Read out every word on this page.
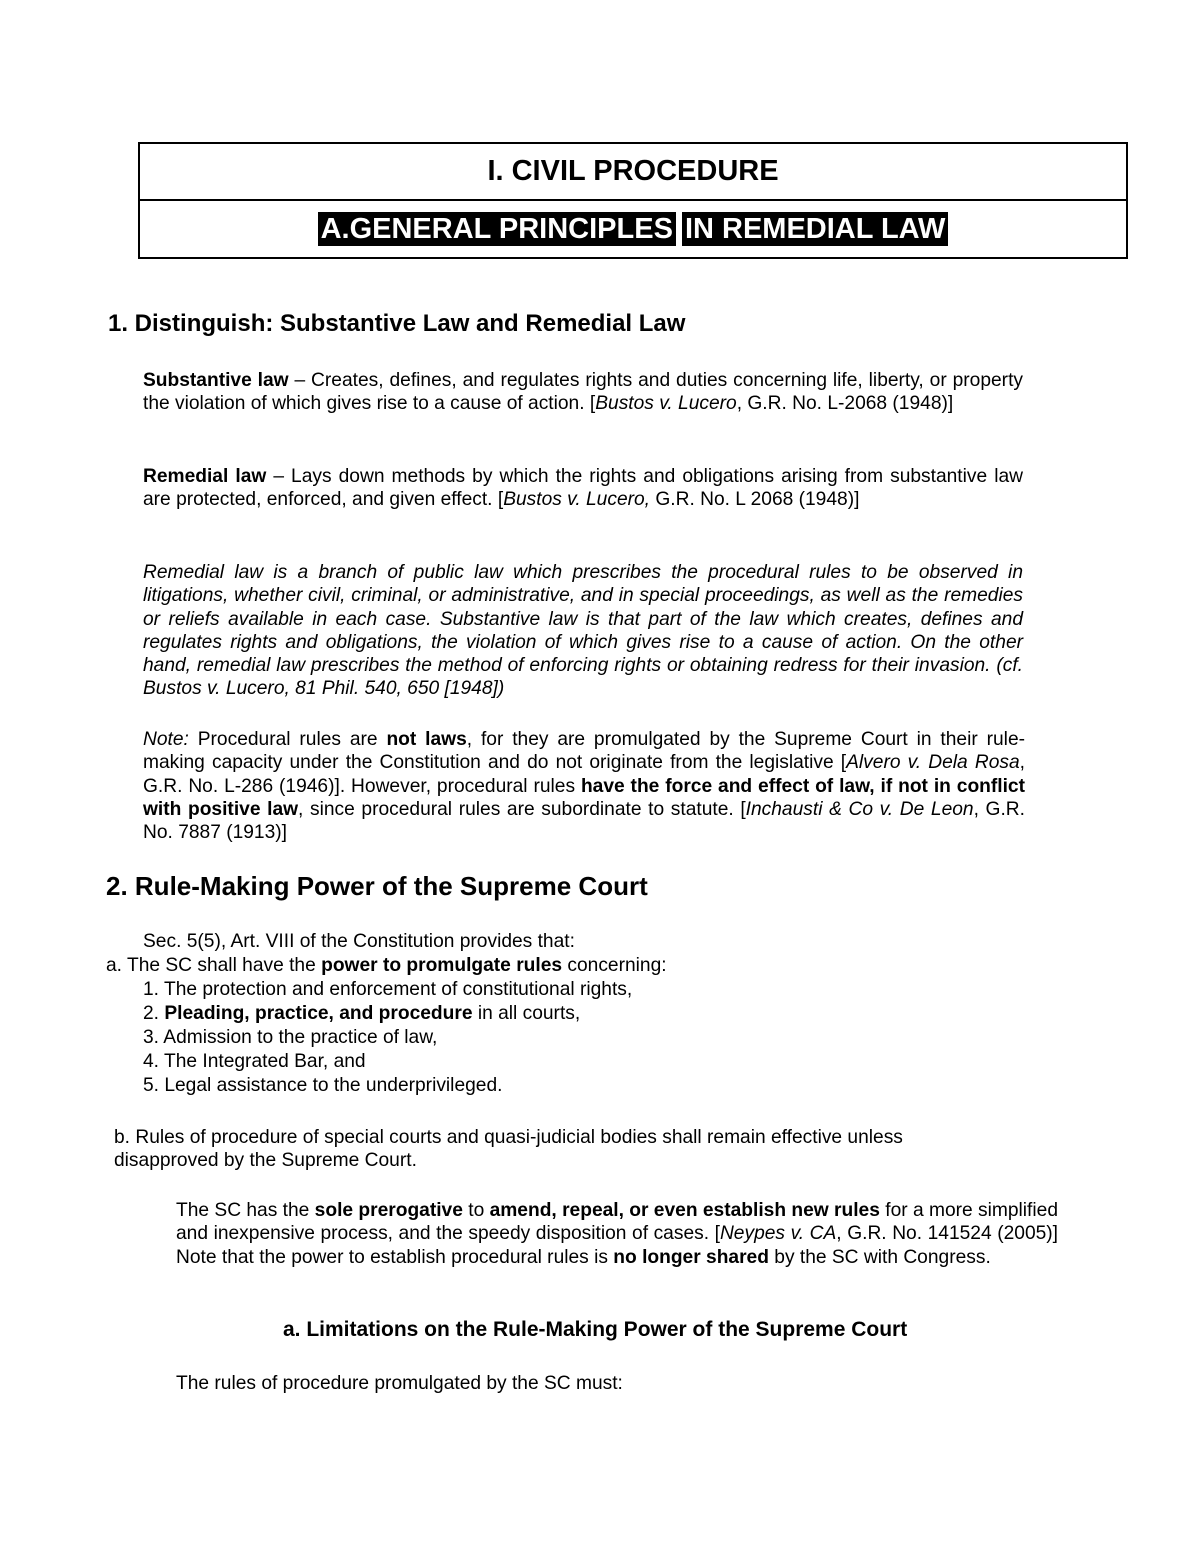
I. CIVIL PROCEDURE
A.GENERAL PRINCIPLES IN REMEDIAL LAW
1. Distinguish: Substantive Law and Remedial Law

Substantive law – Creates, defines, and regulates rights and duties concerning life, liberty, or property the violation of which gives rise to a cause of action. [Bustos v. Lucero, G.R. No. L-2068 (1948)]

Remedial law – Lays down methods by which the rights and obligations arising from substantive law are protected, enforced, and given effect. [Bustos v. Lucero, G.R. No. L 2068 (1948)]

Remedial law is a branch of public law which prescribes the procedural rules to be observed in litigations, whether civil, criminal, or administrative, and in special proceedings, as well as the remedies or reliefs available in each case. Substantive law is that part of the law which creates, defines and regulates rights and obligations, the violation of which gives rise to a cause of action. On the other hand, remedial law prescribes the method of enforcing rights or obtaining redress for their invasion. (cf. Bustos v. Lucero, 81 Phil. 540, 650 [1948])

Note: Procedural rules are not laws, for they are promulgated by the Supreme Court in their rule-making capacity under the Constitution and do not originate from the legislative [Alvero v. Dela Rosa, G.R. No. L-286 (1946)]. However, procedural rules have the force and effect of law, if not in conflict with positive law, since procedural rules are subordinate to statute. [Inchausti & Co v. De Leon, G.R. No. 7887 (1913)]

2. Rule-Making Power of the Supreme Court

Sec. 5(5), Art. VIII of the Constitution provides that:

a. The SC shall have the power to promulgate rules concerning:

1. The protection and enforcement of constitutional rights,
2. Pleading, practice, and procedure in all courts,
3. Admission to the practice of law,
4. The Integrated Bar, and
5. Legal assistance to the underprivileged.

b. Rules of procedure of special courts and quasi-judicial bodies shall remain effective unless disapproved by the Supreme Court.

The SC has the sole prerogative to amend, repeal, or even establish new rules for a more simplified and inexpensive process, and the speedy disposition of cases. [Neypes v. CA, G.R. No. 141524 (2005)] Note that the power to establish procedural rules is no longer shared by the SC with Congress.

a. Limitations on the Rule-Making Power of the Supreme Court

The rules of procedure promulgated by the SC must:
